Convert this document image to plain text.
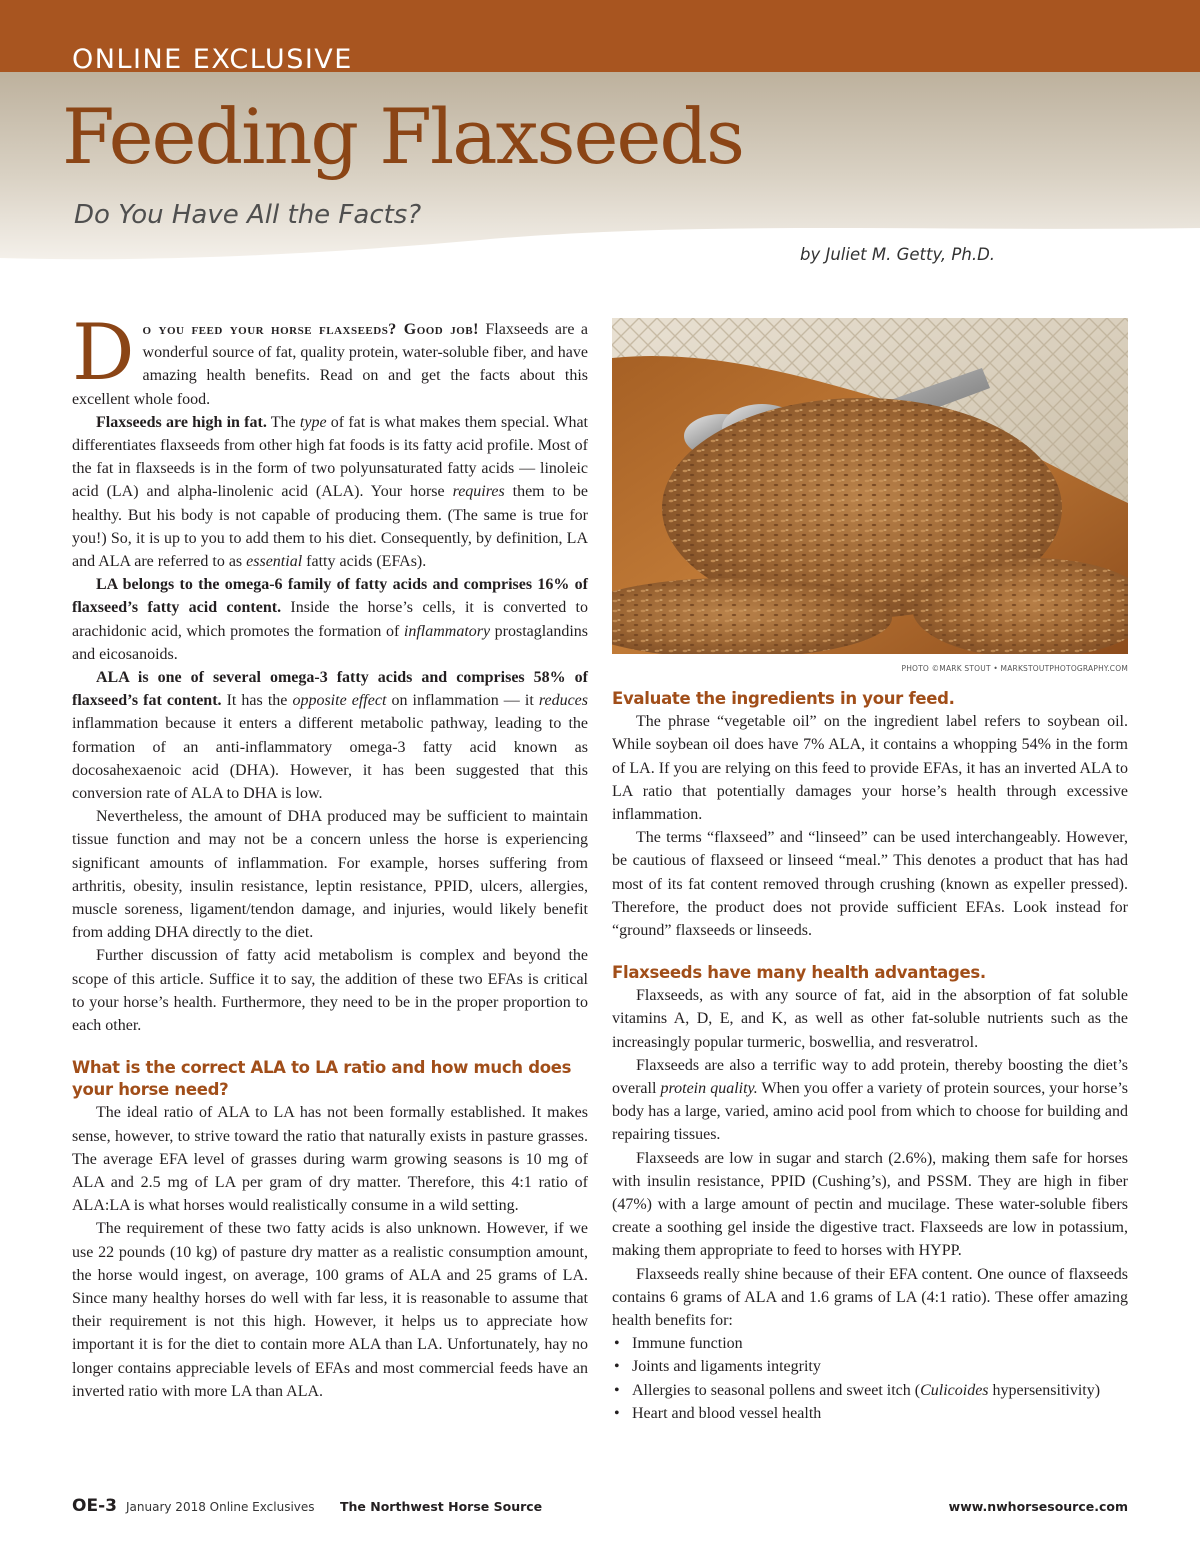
ONLINE EXCLUSIVE
Feeding Flaxseeds
Do You Have All the Facts?
by Juliet M. Getty, Ph.D.

Do you feed your horse flaxseeds? Good job! Flaxseeds are a wonderful source of fat, quality protein, water-soluble fiber, and have amazing health benefits. Read on and get the facts about this excellent whole food.

Flaxseeds are high in fat. The type of fat is what makes them special. What differentiates flaxseeds from other high fat foods is its fatty acid profile. Most of the fat in flaxseeds is in the form of two polyunsaturated fatty acids — linoleic acid (LA) and alpha-linolenic acid (ALA). Your horse requires them to be healthy. But his body is not capable of producing them. (The same is true for you!) So, it is up to you to add them to his diet. Consequently, by definition, LA and ALA are referred to as essential fatty acids (EFAs).

LA belongs to the omega-6 family of fatty acids and comprises 16% of flaxseed’s fatty acid content. Inside the horse’s cells, it is converted to arachidonic acid, which promotes the formation of inflammatory prostaglandins and eicosanoids.

ALA is one of several omega-3 fatty acids and comprises 58% of flaxseed’s fat content. It has the opposite effect on inflammation — it reduces inflammation because it enters a different metabolic pathway, leading to the formation of an anti-inflammatory omega-3 fatty acid known as docosahexaenoic acid (DHA). However, it has been suggested that this conversion rate of ALA to DHA is low.

Nevertheless, the amount of DHA produced may be sufficient to maintain tissue function and may not be a concern unless the horse is experiencing significant amounts of inflammation. For example, horses suffering from arthritis, obesity, insulin resistance, leptin resistance, PPID, ulcers, allergies, muscle soreness, ligament/tendon damage, and injuries, would likely benefit from adding DHA directly to the diet.

Further discussion of fatty acid metabolism is complex and beyond the scope of this article. Suffice it to say, the addition of these two EFAs is critical to your horse’s health. Furthermore, they need to be in the proper proportion to each other.

What is the correct ALA to LA ratio and how much does your horse need?

The ideal ratio of ALA to LA has not been formally established. It makes sense, however, to strive toward the ratio that naturally exists in pasture grasses. The average EFA level of grasses during warm growing seasons is 10 mg of ALA and 2.5 mg of LA per gram of dry matter. Therefore, this 4:1 ratio of ALA:LA is what horses would realistically consume in a wild setting.

The requirement of these two fatty acids is also unknown. However, if we use 22 pounds (10 kg) of pasture dry matter as a realistic consumption amount, the horse would ingest, on average, 100 grams of ALA and 25 grams of LA. Since many healthy horses do well with far less, it is reasonable to assume that their requirement is not this high. However, it helps us to appreciate how important it is for the diet to contain more ALA than LA. Unfortunately, hay no longer contains appreciable levels of EFAs and most commercial feeds have an inverted ratio with more LA than ALA.

PHOTO ©MARK STOUT • MARKSTOUTPHOTOGRAPHY.COM
Evaluate the ingredients in your feed.

The phrase “vegetable oil” on the ingredient label refers to soybean oil. While soybean oil does have 7% ALA, it contains a whopping 54% in the form of LA. If you are relying on this feed to provide EFAs, it has an inverted ALA to LA ratio that potentially damages your horse’s health through excessive inflammation.

The terms “flaxseed” and “linseed” can be used interchangeably. However, be cautious of flaxseed or linseed “meal.” This denotes a product that has had most of its fat content removed through crushing (known as expeller pressed). Therefore, the product does not provide sufficient EFAs. Look instead for “ground” flaxseeds or linseeds.

Flaxseeds have many health advantages.

Flaxseeds, as with any source of fat, aid in the absorption of fat soluble vitamins A, D, E, and K, as well as other fat-soluble nutrients such as the increasingly popular turmeric, boswellia, and resveratrol.

Flaxseeds are also a terrific way to add protein, thereby boosting the diet’s overall protein quality. When you offer a variety of protein sources, your horse’s body has a large, varied, amino acid pool from which to choose for building and repairing tissues.

Flaxseeds are low in sugar and starch (2.6%), making them safe for horses with insulin resistance, PPID (Cushing’s), and PSSM. They are high in fiber (47%) with a large amount of pectin and mucilage. These water-soluble fibers create a soothing gel inside the digestive tract. Flaxseeds are low in potassium, making them appropriate to feed to horses with HYPP.

Flaxseeds really shine because of their EFA content. One ounce of flaxseeds contains 6 grams of ALA and 1.6 grams of LA (4:1 ratio). These offer amazing health benefits for:

• Immune function
• Joints and ligaments integrity
• Allergies to seasonal pollens and sweet itch (Culicoides hypersensitivity)
• Heart and blood vessel health
OE-3 January 2018 Online Exclusives The Northwest Horse Source	www.nwhorsesource.com
